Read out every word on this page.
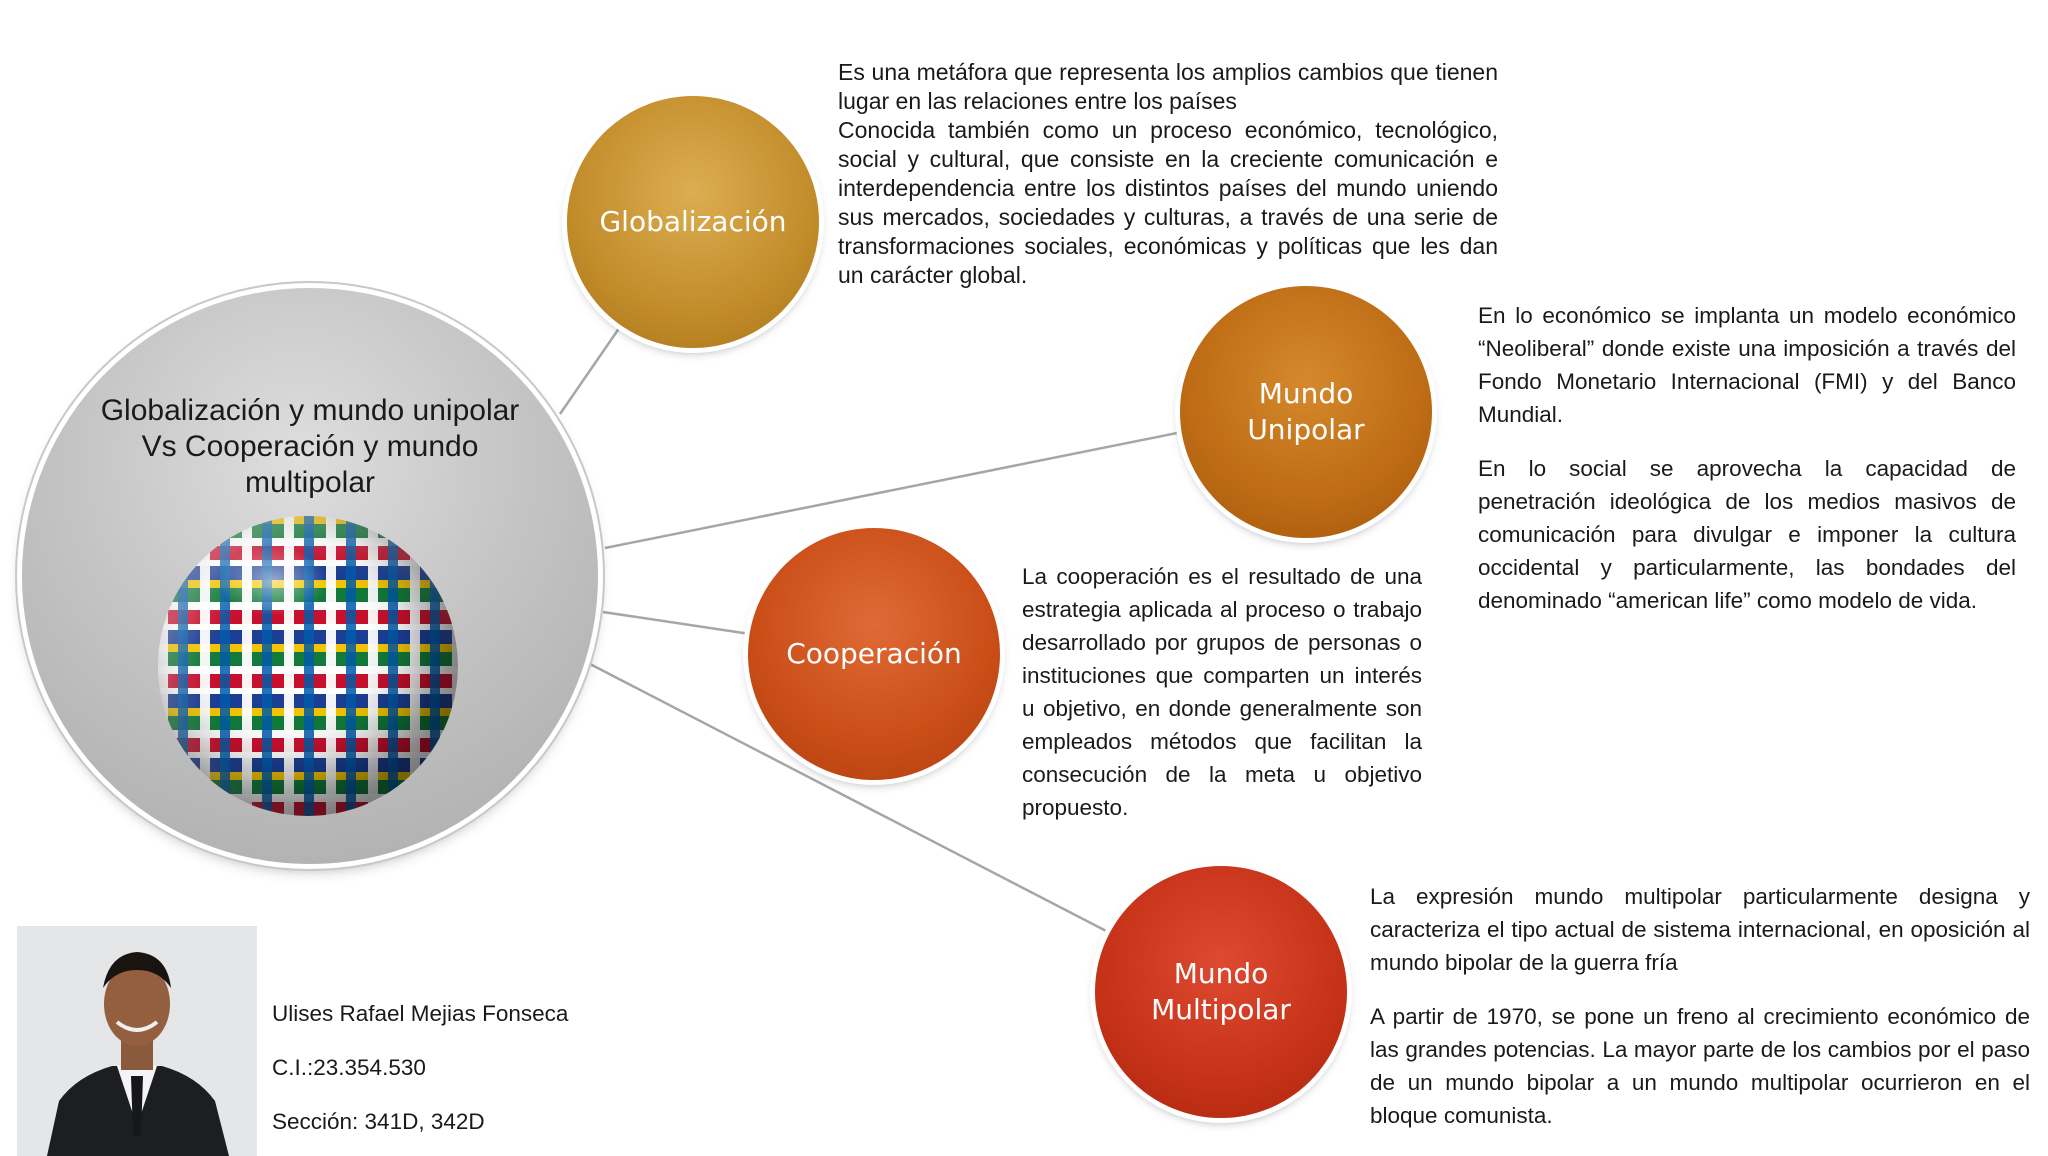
Globalización y mundo unipolar Vs Cooperación y mundo multipolar
Globalización
Mundo
Unipolar
Cooperación
Mundo
Multipolar

Es una metáfora que representa los amplios cambios que tienen lugar en las relaciones entre los países

Conocida también como un proceso económico, tecnológico, social y cultural, que consiste en la creciente comunicación e interdependencia entre los distintos países del mundo uniendo sus mercados, sociedades y culturas, a través de una serie de transformaciones sociales, económicas y políticas que les dan un carácter global.

En lo económico se implanta un modelo económico “Neoliberal” donde existe una imposición a través del Fondo Monetario Internacional (FMI) y del Banco Mundial.

En lo social se aprovecha la capacidad de penetración ideológica de los medios masivos de comunicación para divulgar e imponer la cultura occidental y particularmente, las bondades del denominado “american life” como modelo de vida.

La cooperación es el resultado de una estrategia aplicada al proceso o trabajo desarrollado por grupos de personas o instituciones que comparten un interés u objetivo, en donde generalmente son empleados métodos que facilitan la consecución de la meta u objetivo propuesto.

La expresión mundo multipolar particularmente designa y caracteriza el tipo actual de sistema internacional, en oposición al mundo bipolar de la guerra fría

A partir de 1970, se pone un freno al crecimiento económico de las grandes potencias. La mayor parte de los cambios por el paso de un mundo bipolar a un mundo multipolar ocurrieron en el bloque comunista.

Ulises Rafael Mejias Fonseca
C.I.:23.354.530
Sección: 341D, 342D
